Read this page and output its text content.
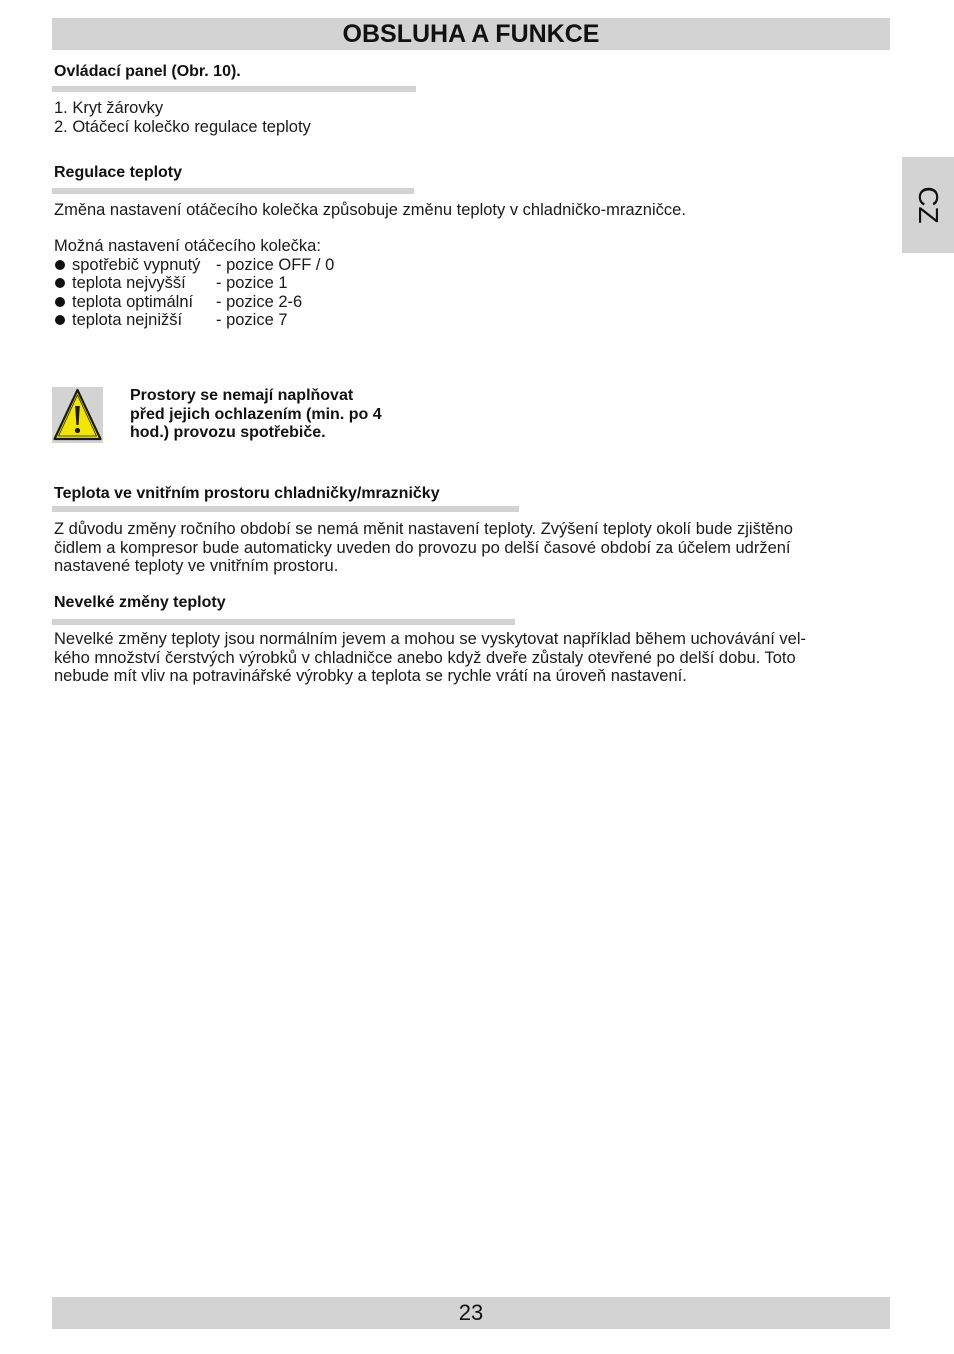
OBSLUHA A FUNKCE
CZ
Ovládací panel (Obr. 10).
1. Kryt žárovky
2. Otáčecí kolečko regulace teploty
Regulace teploty
Změna nastavení otáčecího kolečka způsobuje změnu teploty v chladničko-mrazničce.
Možná nastavení otáčecího kolečka:
spotřebič vypnutý - pozice OFF / 0
teplota nejvyšší	- pozice 1
teplota optimální	- pozice 2-6
teplota nejnižší	- pozice 7
Prostory se nemají naplňovat
před jejich ochlazením (min. po 4
hod.) provozu spotřebiče.
Teplota ve vnitřním prostoru chladničky/mrazničky
Z důvodu změny ročního období se nemá měnit nastavení teploty. Zvýšení teploty okolí bude zjištěno
čidlem a kompresor bude automaticky uveden do provozu po delší časové období za účelem udržení
nastavené teploty ve vnitřním prostoru.
Nevelké změny teploty
Nevelké změny teploty jsou normálním jevem a mohou se vyskytovat například během uchovávání vel-
kého množství čerstvých výrobků v chladničce anebo když dveře zůstaly otevřené po delší dobu. Toto
nebude mít vliv na potravinářské výrobky a teplota se rychle vrátí na úroveň nastavení.
23
